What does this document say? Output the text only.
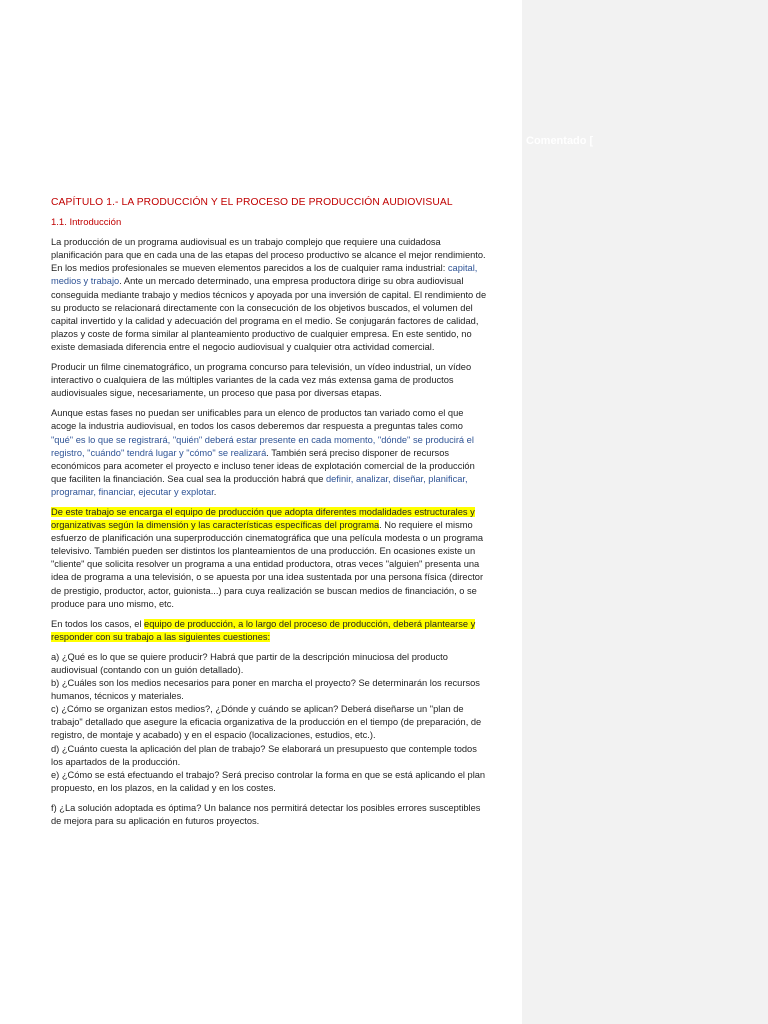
Comentado [

CAPÍTULO 1.- LA PRODUCCIÓN Y EL PROCESO DE PRODUCCIÓN AUDIOVISUAL

1.1. Introducción

La producción de un programa audiovisual es un trabajo complejo que requiere una cuidadosa planificación para que en cada una de las etapas del proceso productivo se alcance el mejor rendimiento. En los medios profesionales se mueven elementos parecidos a los de cualquier rama industrial: capital, medios y trabajo. Ante un mercado determinado, una empresa productora dirige su obra audiovisual conseguida mediante trabajo y medios técnicos y apoyada por una inversión de capital. El rendimiento de su producto se relacionará directamente con la consecución de los objetivos buscados, el volumen del capital invertido y la calidad y adecuación del programa en el medio. Se conjugarán factores de calidad, plazos y coste de forma similar al planteamiento productivo de cualquier empresa. En este sentido, no existe demasiada diferencia entre el negocio audiovisual y cualquier otra actividad comercial.

Producir un filme cinematográfico, un programa concurso para televisión, un vídeo industrial, un vídeo interactivo o cualquiera de las múltiples variantes de la cada vez más extensa gama de productos audiovisuales sigue, necesariamente, un proceso que pasa por diversas etapas.

Aunque estas fases no puedan ser unificables para un elenco de productos tan variado como el que acoge la industria audiovisual, en todos los casos deberemos dar respuesta a preguntas tales como "qué" es lo que se registrará, "quién" deberá estar presente en cada momento, "dónde" se producirá el registro, "cuándo" tendrá lugar y "cómo" se realizará. También será preciso disponer de recursos económicos para acometer el proyecto e incluso tener ideas de explotación comercial de la producción que faciliten la financiación. Sea cual sea la producción habrá que definir, analizar, diseñar, planificar, programar, financiar, ejecutar y explotar.

De este trabajo se encarga el equipo de producción que adopta diferentes modalidades estructurales y organizativas según la dimensión y las características específicas del programa. No requiere el mismo esfuerzo de planificación una superproducción cinematográfica que una película modesta o un programa televisivo. También pueden ser distintos los planteamientos de una producción. En ocasiones existe un "cliente" que solicita resolver un programa a una entidad productora, otras veces "alguien" presenta una idea de programa a una televisión, o se apuesta por una idea sustentada por una persona física (director de prestigio, productor, actor, guionista...) para cuya realización se buscan medios de financiación, o se produce para uno mismo, etc.

En todos los casos, el equipo de producción, a lo largo del proceso de producción, deberá plantearse y responder con su trabajo a las siguientes cuestiones:

a) ¿Qué es lo que se quiere producir? Habrá que partir de la descripción minuciosa del producto audiovisual (contando con un guión detallado).
b) ¿Cuáles son los medios necesarios para poner en marcha el proyecto? Se determinarán los recursos humanos, técnicos y materiales.
c) ¿Cómo se organizan estos medios?, ¿Dónde y cuándo se aplican? Deberá diseñarse un "plan de trabajo" detallado que asegure la eficacia organizativa de la producción en el tiempo (de preparación, de registro, de montaje y acabado) y en el espacio (localizaciones, estudios, etc.).
d) ¿Cuánto cuesta la aplicación del plan de trabajo? Se elaborará un presupuesto que contemple todos los apartados de la producción.
e) ¿Cómo se está efectuando el trabajo? Será preciso controlar la forma en que se está aplicando el plan propuesto, en los plazos, en la calidad y en los costes.

f) ¿La solución adoptada es óptima? Un balance nos permitirá detectar los posibles errores susceptibles de mejora para su aplicación en futuros proyectos.
